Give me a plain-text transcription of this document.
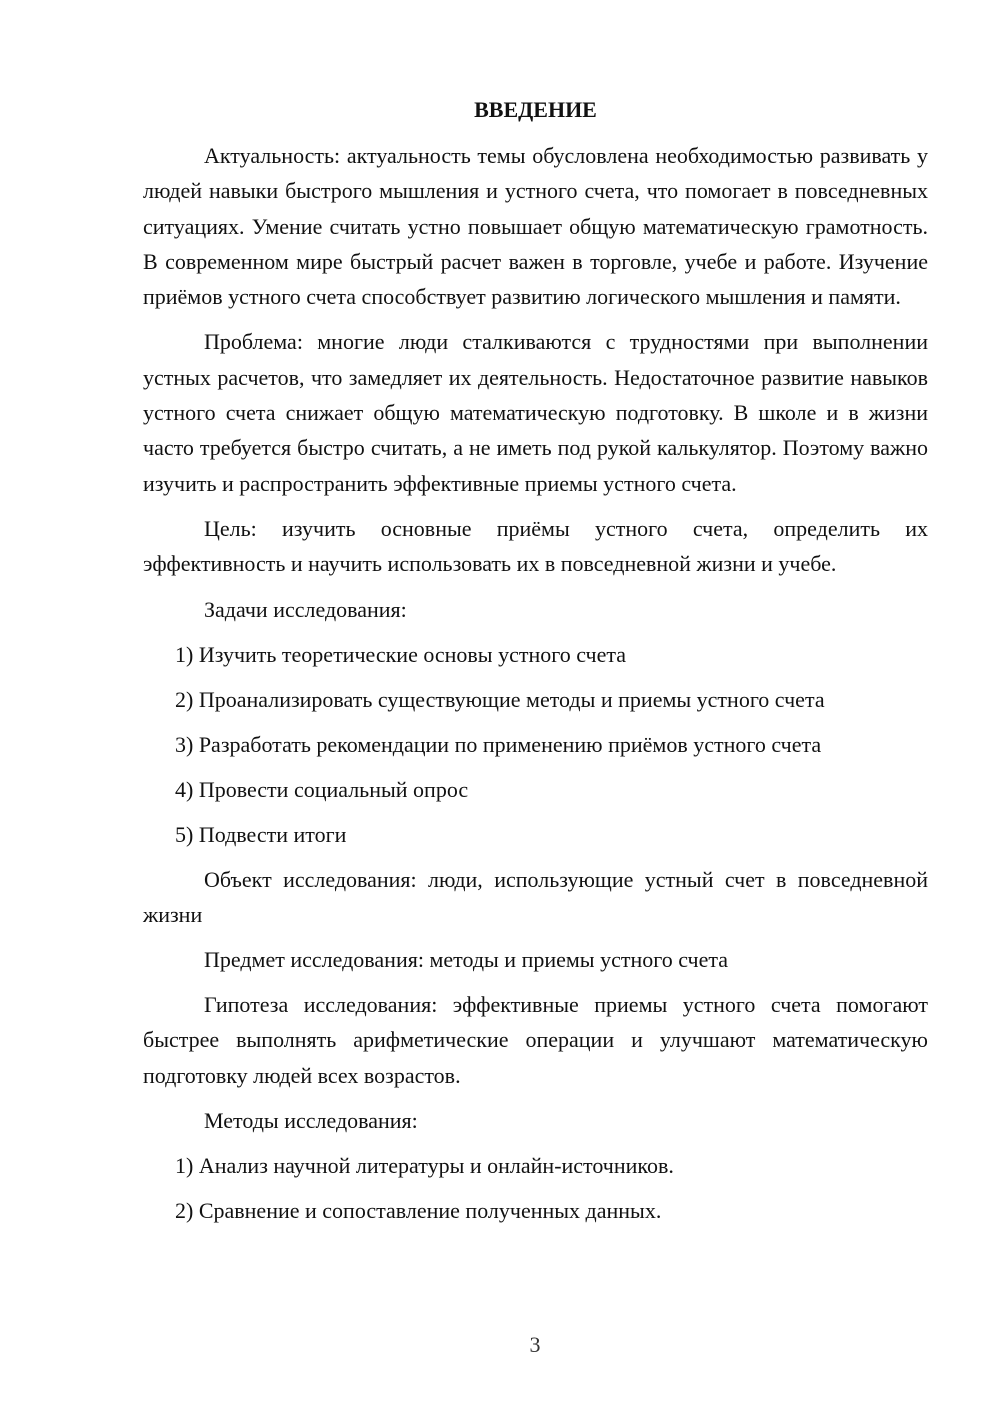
ВВЕДЕНИЕ

Актуальность: актуальность темы обусловлена необходимостью развивать у людей навыки быстрого мышления и устного счета, что помогает в повседневных ситуациях. Умение считать устно повышает общую математическую грамотность. В современном мире быстрый расчет важен в торговле, учебе и работе. Изучение приёмов устного счета способствует развитию логического мышления и памяти.

Проблема: многие люди сталкиваются с трудностями при выполнении устных расчетов, что замедляет их деятельность. Недостаточное развитие навыков устного счета снижает общую математическую подготовку. В школе и в жизни часто требуется быстро считать, а не иметь под рукой калькулятор. Поэтому важно изучить и распространить эффективные приемы устного счета.

Цель: изучить основные приёмы устного счета, определить их эффективность и научить использовать их в повседневной жизни и учебе.

Задачи исследования:

1) Изучить теоретические основы устного счета
2) Проанализировать существующие методы и приемы устного счета
3) Разработать рекомендации по применению приёмов устного счета
4) Провести социальный опрос
5) Подвести итоги

Объект исследования: люди, использующие устный счет в повседневной жизни

Предмет исследования: методы и приемы устного счета

Гипотеза исследования: эффективные приемы устного счета помогают быстрее выполнять арифметические операции и улучшают математическую подготовку людей всех возрастов.

Методы исследования:

1) Анализ научной литературы и онлайн-источников.
2) Сравнение и сопоставление полученных данных.
3
